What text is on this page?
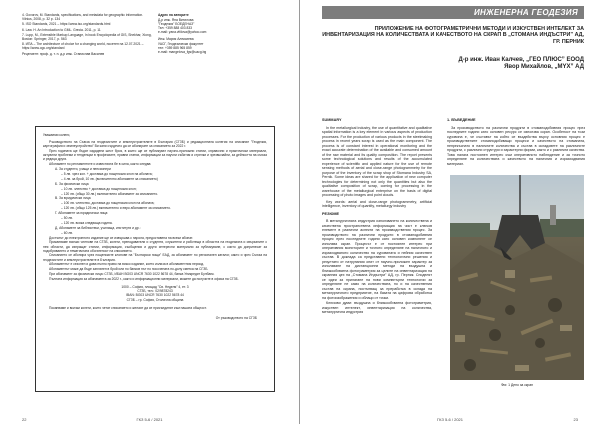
4. Govorov, M. Standards, specifications, and metadata for geographic information. Vilnius, 2008, p. 32 p. 134
5. ISO Standards, 2021 – https://www.iso.org/standards.html
6. Law. H. An Introduction to GML. Grecia. 2011, p. 11
7. Lupp, M., Extensible Markup Language, In book Encyclopedia of GIS, Shekhar, Xiong, Boston: Springer, 2017, p. 563
8. ИПА – The architecture of choice for a changing world, посетен на 12.07.2021 – https://www.ogc.org/standard
Рецензент: проф. д. т. н. д-р инж. Станислав Василев
Адрес на авторите
Д-р инж. Яна Витилова
"Геодезия" БОЕДЕНАЗ"
Тел: +359 888 403 833
e-mail: yana.vitilova@yahoo.com
Инж. Мария Алексиева
УАСГ, Геодезически факултет
тел: +359 885 965 859
e-mail: mangelova_fgs@uacg.bg

Уважаеми колеги,

Ръководството на Съюза на геодезистите и землеустроителите в България (СГЗБ) и редакционната колегия на списание "Геодезия, картография и землеустройство" Ви кани сърдечно да се абонирате за списанието за 2022 г.

През годината ще бъдат издадени шест броя, в които ще се публикуват научно-приложни статии, справочни и практически материали, актуални проблеми и тенденции в професиите, правни статии, информации за научни събития и стрелки и чрезвычайни, за дейността на съюза и редица други.

Абонамент по регламентите и известията бе в сила, както следва:

А. За студенти, учащи и пенсионери

– 5 лв. чрез кол. + доставка до пощенския клон на абоната;

– 4 лв. за брой, 10 лв. (включително абонамент за списанието)

Б. За физически лица

– 10 лв. членство + доставка до пощенския клон;

– 120 лв. (общо 30 лв.) включително абонамент за списанието.

В. За юридически лица

– 100 лв. членство, доставка до пощенския клон на абоната;

– 120 лв. (общо 125 лв.) включително и евро абонамент за списанието.

Г. Абонамент за юридически лица:

– 50 лв.

– 120 лв. всяка следваща година.

Д. Абонамент за библиотеки, училища, институти и др.:

– 60 лв.

Достъпът до електронното издание ще се извършва с парола, предоставена на всеки абонат.

Приканваме всички членове на СГЗБ, колеги, преподаватели и студенти, служители и работещи в областта на геодезията и свързаните с нея области, да изпращат статии, информации, съобщения и други интересни материали за публикуване, с които да допринесат за подобряването и тематичната обогатеност на списанието.

Списанието се абонира чрез пощенските клонове на "Български пощи" ЕАД, за абонамент по регионален каталог, както и чрез Съюза на геодезистите и землеустроителите в България.

Абонаментът е сезонен и дава пълно право на всяко издание, което излиза в абонаментния период.

Абонаментът може да бъде заплатен в брой или по банков път по посочената по-долу сметка на СГЗБ.

При абонамент за физически лица: СГЗБ, ИБАН BG03 UNCR 7630 1022 5678 44, банка Уникредит Булбанк.

Пълната информация за абонамента за 2022 г., както и информационни материали, можете да получите в офиса на СГЗБ.

1000 – София, площад "Св. Неделя" 4, ет. 3
СГЗБ, тел.: 02/9878243
IBAN: BG03 UNCR 7630 1022 5678 44
СГЗБ – гр. София, Столична община

Поканваме и всички колеги, които четат списанието и желаят да се присъединят към нашата общност.

От ръководството на СГЗБ
22	ГКЗ 5-6 / 2021
ИНЖЕНЕРНА ГЕОДЕЗИЯ
ПРИЛОЖЕНИЕ НА ФОТОГРАМЕТРИЧНИ МЕТОДИ И ИЗКУСТВЕН ИНТЕЛЕКТ ЗА ИНВЕНТАРИЗАЦИЯ НА КОЛИЧЕСТВАТА И КАЧЕСТВОТО НА СКРАП В „СТОМАНА ИНДЪСТРИ” АД, ГР. ПЕРНИК
Д-р инж. Иван Калчев, „ГЕО ПЛЮС” ЕООД
Явор Михайлов, „MYX” АД
SUMMARY

In the metallurgical industry, the use of quantitative and qualitative spatial information is a key element in various aspects of production processes. For the production of various products in the steelmaking process in recent years scrap is used as the main component. The process is of constant interest in operational monitoring and the exact accurate determination of the available and consumed amount of the raw material and its quality composition. The report presents some technological solutions and results of the accumulated experience of scientific and applied nature for the use of remote sensing methods of aerial and close-range photogrammetry for the purpose of the inventory of the scrap shop of Stomana Industry SA, Pernik. Some ideas are shared for the application of new computer technologies for determining not only the quantities but also the qualitative composition of scrap, coming for processing in the warehouse of the metallurgical enterprise on the basis of digital processing of photo images and point clouds.

Key words: aerial and close-range photogrammetry, artificial intelligence, inventory of quantity, metallurgy industry

РЕЗЮМЕ

В металургичната индустрия използването на количествена и качествена пространствена информация на чист е ключов елемент в различни аспекти на производствения процес. За производството на различни продукти в стоманодобивния процес през последните години като основен компонент се използва скрап. Процесът е от постоянен интерес при оперативния мониторинг и точното определяне на наличното и изразходваното количество на суровината и нейния качествен състав. В доклада са представени технологични решения и резултати от натрупания опит от научно-приложен характер за използване на дистанционни методи на въздушна и близкообхватна фотограметрия за целите на инвентаризация на скрапния цех на „Стомана Индъстри” АД, гр. Перник. Споделят се идеи за прилагане на нови компютърни технологии за определяне не само на количествата, но и на качествения състав на скрапа, постъпващ за преработка в склада на металургичното предприятие, на базата на цифрова обработка на фотоизображения и облаци от точки.

Ключови думи: въздушна и близкообхватна фотограметрия, изкуствен интелект, инвентаризация на количества, металургична индустрия

1. ВЪВЕДЕНИЕ

За производството на различни продукти в стоманодобивния процес през последните години като основен ресурс се използва скрап. Особеност на този суровина е, че съставът на който се въздейства върху основния процес е производствените стоманодобиващи процеси и качеството на стоманата, непрекъснато в наличните количества и състав в складовете на различните продукти, с различни структури и характерни форми, както и с различни качества. Това налага постоянен интерес към оперативното наблюдение и за точното определяне на количествата и качеството на наличния и изразходвания материал.

Фиг. 1 Депо за скрап
ГКЗ 5-6 / 2021	23
